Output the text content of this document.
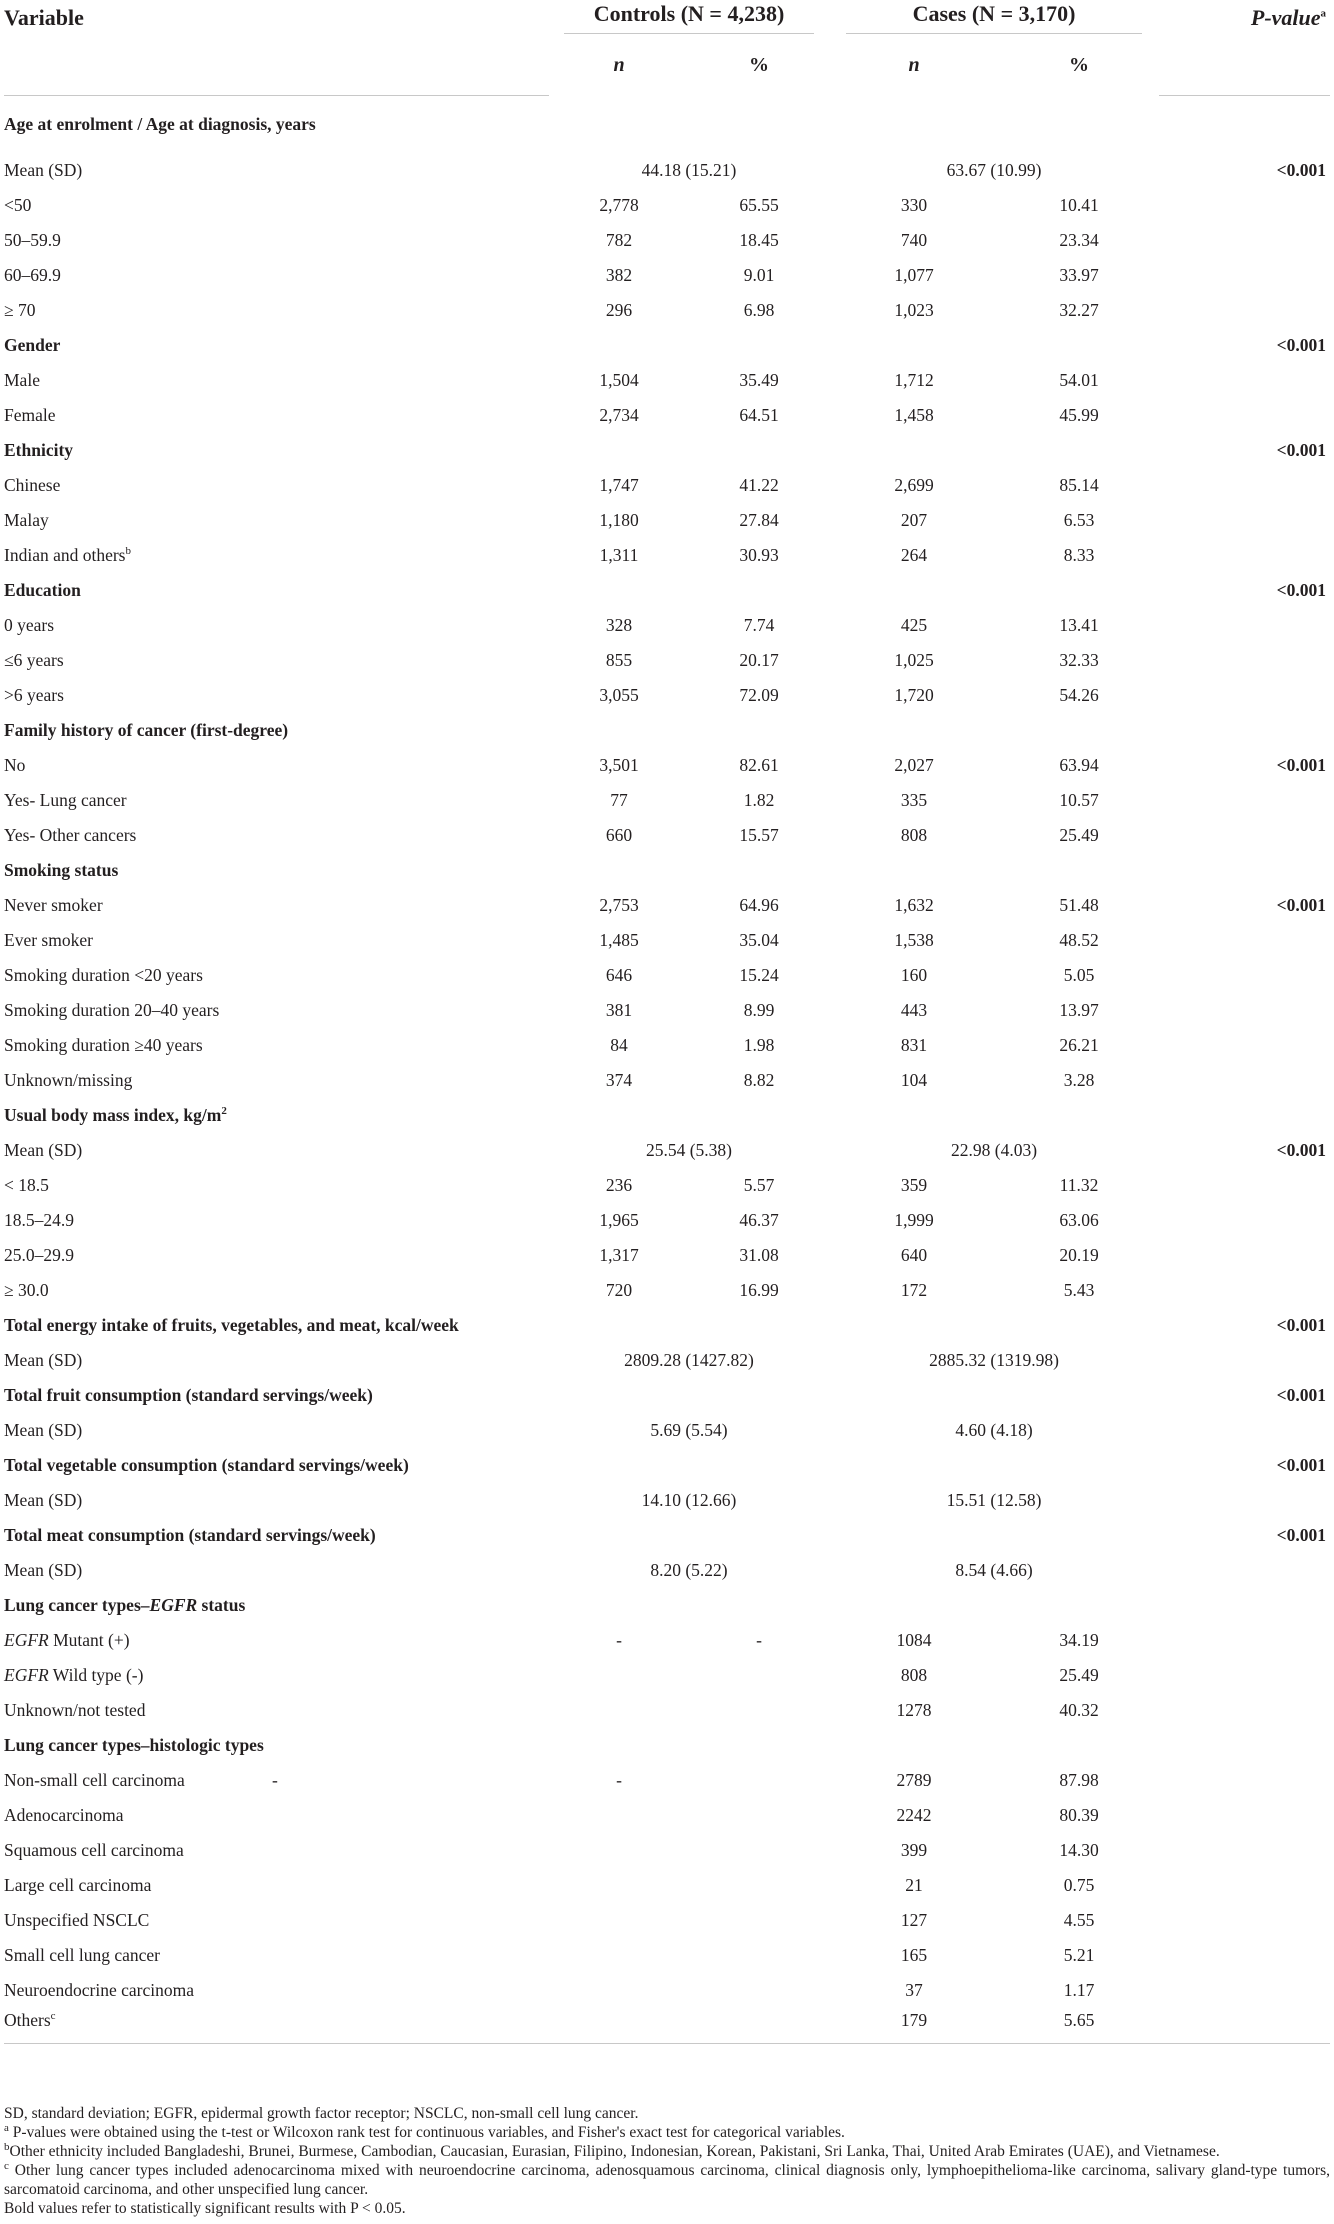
Variable	Controls (N = 4,238)		Cases (N = 3,170)		P-value$^a$
	n	%	n	%	
Age at enrolment / Age at diagnosis, years					
Mean (SD)	44.18 (15.21)		63.67 (10.99)		<0.001
<50	2,778	65.55	330	10.41	
50–59.9	782	18.45	740	23.34	
60–69.9	382	9.01	1,077	33.97	
≥ 70	296	6.98	1,023	32.27	
Gender					<0.001
Male	1,504	35.49	1,712	54.01	
Female	2,734	64.51	1,458	45.99	
Ethnicity					<0.001
Chinese	1,747	41.22	2,699	85.14	
Malay	1,180	27.84	207	6.53	
Indian and others$^b$	1,311	30.93	264	8.33	
Education					<0.001
0 years	328	7.74	425	13.41	
≤6 years	855	20.17	1,025	32.33	
>6 years	3,055	72.09	1,720	54.26	
Family history of cancer (first-degree)					
No	3,501	82.61	2,027	63.94	<0.001
Yes- Lung cancer	77	1.82	335	10.57	
Yes- Other cancers	660	15.57	808	25.49	
Smoking status					
Never smoker	2,753	64.96	1,632	51.48	<0.001
Ever smoker	1,485	35.04	1,538	48.52	
Smoking duration <20 years	646	15.24	160	5.05	
Smoking duration 20–40 years	381	8.99	443	13.97	
Smoking duration ≥40 years	84	1.98	831	26.21	
Unknown/missing	374	8.82	104	3.28	
Usual body mass index, $kg/m^2$		
Mean (SD)	25.54 (5.38)		22.98 (4.03)		<0.001
< 18.5	236	5.57	359	11.32	
18.5–24.9	1,965	46.37	1,999	63.06	
25.0–29.9	1,317	31.08	640	20.19	
≥ 30.0	720	16.99	172	5.43	
Total energy intake of fruits, vegetables, and meat, kcal/week					<0.001
Mean (SD)	2809.28 (1427.82)		2885.32 (1319.98)		
Total fruit consumption (standard servings/week)					<0.001
Mean (SD)	5.69 (5.54)		4.60 (4.18)		
Total vegetable consumption (standard servings/week)					<0.001
Mean (SD)	14.10 (12.66)		15.51 (12.58)		
Total meat consumption (standard servings/week)					<0.001
Mean (SD)	8.20 (5.22)		8.54 (4.66)		
Lung cancer types–EGFR status					
EGFR Mutant (+)	-	-	1084	34.19	
EGFR Wild type (-)			808	25.49	
Unknown/not tested			1278	40.32	
Lung cancer types–histologic types					
Non-small cell carcinoma -	-		2789	87.98	
Adenocarcinoma			2242	80.39	
Squamous cell carcinoma			399	14.30	
Large cell carcinoma			21	0.75	
Unspecified NSCLC			127	4.55	
Small cell lung cancer			165	5.21	
Neuroendocrine carcinoma			37	1.17	
Others$^c$			179	5.65	

SD, standard deviation; EGFR, epidermal growth factor receptor; NSCLC, non-small cell lung cancer.

$^a$ P-values were obtained using the t-test or Wilcoxon rank test for continuous variables, and Fisher's exact test for categorical variables.

$^b$Other ethnicity included Bangladeshi, Brunei, Burmese, Cambodian, Caucasian, Eurasian, Filipino, Indonesian, Korean, Pakistani, Sri Lanka, Thai, United Arab Emirates (UAE), and Vietnamese.

$^c$ Other lung cancer types included adenocarcinoma mixed with neuroendocrine carcinoma, adenosquamous carcinoma, clinical diagnosis only, lymphoepithelioma-like carcinoma, salivary gland-type tumors, sarcomatoid carcinoma, and other unspecified lung cancer.

Bold values refer to statistically significant results with P < 0.05.
